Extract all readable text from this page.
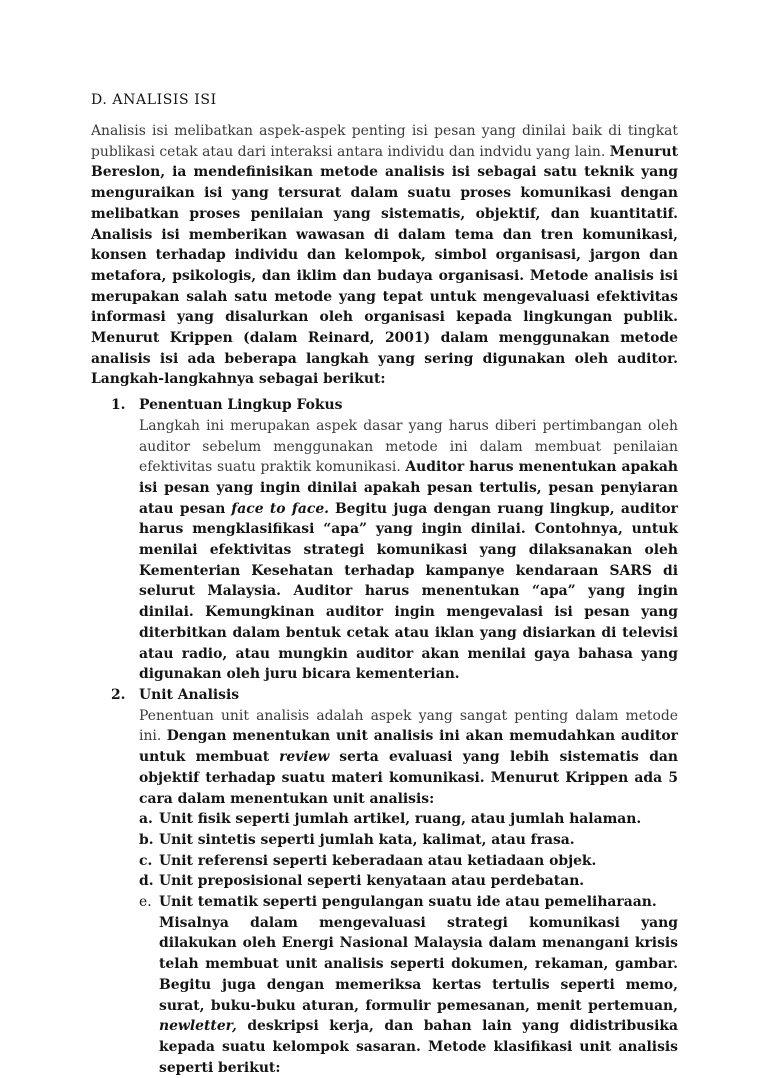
D. ANALISIS ISI

Analisis isi melibatkan aspek-aspek penting isi pesan yang dinilai baik di tingkat publikasi cetak atau dari interaksi antara individu dan indvidu yang lain. Menurut Bereslon, ia mendefinisikan metode analisis isi sebagai satu teknik yang menguraikan isi yang tersurat dalam suatu proses komunikasi dengan melibatkan proses penilaian yang sistematis, objektif, dan kuantitatif. Analisis isi memberikan wawasan di dalam tema dan tren komunikasi, konsen terhadap individu dan kelompok, simbol organisasi, jargon dan metafora, psikologis, dan iklim dan budaya organisasi. Metode analisis isi merupakan salah satu metode yang tepat untuk mengevaluasi efektivitas informasi yang disalurkan oleh organisasi kepada lingkungan publik. Menurut Krippen (dalam Reinard, 2001) dalam menggunakan metode analisis isi ada beberapa langkah yang sering digunakan oleh auditor. Langkah-langkahnya sebagai berikut:

1. Penentuan Lingkup Fokus

Langkah ini merupakan aspek dasar yang harus diberi pertimbangan oleh auditor sebelum menggunakan metode ini dalam membuat penilaian efektivitas suatu praktik komunikasi. Auditor harus menentukan apakah isi pesan yang ingin dinilai apakah pesan tertulis, pesan penyiaran atau pesan face to face. Begitu juga dengan ruang lingkup, auditor harus mengklasifikasi “apa” yang ingin dinilai. Contohnya, untuk menilai efektivitas strategi komunikasi yang dilaksanakan oleh Kementerian Kesehatan terhadap kampanye kendaraan SARS di selurut Malaysia. Auditor harus menentukan “apa” yang ingin dinilai. Kemungkinan auditor ingin mengevalasi isi pesan yang diterbitkan dalam bentuk cetak atau iklan yang disiarkan di televisi atau radio, atau mungkin auditor akan menilai gaya bahasa yang digunakan oleh juru bicara kementerian.

2. Unit Analisis

Penentuan unit analisis adalah aspek yang sangat penting dalam metode ini. Dengan menentukan unit analisis ini akan memudahkan auditor untuk membuat review serta evaluasi yang lebih sistematis dan objektif terhadap suatu materi komunikasi. Menurut Krippen ada 5 cara dalam menentukan unit analisis:

a. Unit fisik seperti jumlah artikel, ruang, atau jumlah halaman.
b. Unit sintetis seperti jumlah kata, kalimat, atau frasa.
c. Unit referensi seperti keberadaan atau ketiadaan objek.
d. Unit preposisional seperti kenyataan atau perdebatan.
e. Unit tematik seperti pengulangan suatu ide atau pemeliharaan.

Misalnya dalam mengevaluasi strategi komunikasi yang dilakukan oleh Energi Nasional Malaysia dalam menangani krisis telah membuat unit analisis seperti dokumen, rekaman, gambar. Begitu juga dengan memeriksa kertas tertulis seperti memo, surat, buku-buku aturan, formulir pemesanan, menit pertemuan, newletter, deskripsi kerja, dan bahan lain yang didistribusika kepada suatu kelompok sasaran. Metode klasifikasi unit analisis seperti berikut:
